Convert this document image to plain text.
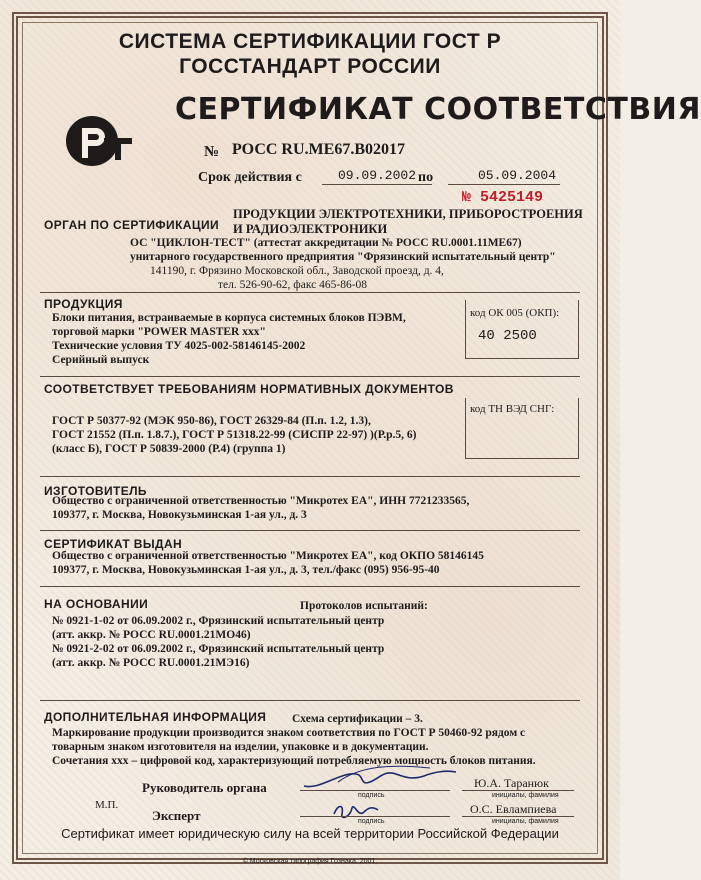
СИСТЕМА СЕРТИФИКАЦИИ ГОСТ Р
ГОССТАНДАРТ РОССИИ
СЕРТИФИКАТ СООТВЕТСТВИЯ
№ РОСС RU.ME67.B02017
Срок действия с	09.09.2002 по	05.09.2004
№ 5425149
ОРГАН ПО СЕРТИФИКАЦИИ
ПРОДУКЦИИ ЭЛЕКТРОТЕХНИКИ, ПРИБОРОСТРОЕНИЯ
И РАДИОЭЛЕКТРОНИКИ
ОС "ЦИКЛОН-ТЕСТ" (аттестат аккредитации № РОСС RU.0001.11МЕ67)
унитарного государственного предприятия "Фрязинский испытательный центр"
141190, г. Фрязино Московской обл., Заводской проезд, д. 4,
тел. 526-90-62, факс 465-86-08
ПРОДУКЦИЯ
Блоки питания, встраиваемые в корпуса системных блоков ПЭВМ,
торговой марки "POWER MASTER xxx"
Технические условия ТУ 4025-002-58146145-2002
Серийный выпуск
код ОК 005 (ОКП):
40 2500
СООТВЕТСТВУЕТ ТРЕБОВАНИЯМ НОРМАТИВНЫХ ДОКУМЕНТОВ
ГОСТ Р 50377-92 (МЭК 950-86), ГОСТ 26329-84 (П.п. 1.2, 1.3),
ГОСТ 21552 (П.п. 1.8.7.), ГОСТ Р 51318.22-99 (СИСПР 22-97) )(Р.р.5, 6)
(класс Б), ГОСТ Р 50839-2000 (Р.4) (группа 1)
код ТН ВЭД СНГ:
ИЗГОТОВИТЕЛЬ
Общество с ограниченной ответственностью "Микротех ЕА", ИНН 7721233565,
109377, г. Москва, Новокузьминская 1-ая ул., д. 3
СЕРТИФИКАТ ВЫДАН
Общество с ограниченной ответственностью "Микротех ЕА", код ОКПО 58146145
109377, г. Москва, Новокузьминская 1-ая ул., д. 3, тел./факс (095) 956-95-40
НА ОСНОВАНИИ	Протоколов испытаний:
№ 0921-1-02 от 06.09.2002 г., Фрязинский испытательный центр
(атт. аккр. № РОСС RU.0001.21МО46)
№ 0921-2-02 от 06.09.2002 г., Фрязинский испытательный центр
(атт. аккр. № РОСС RU.0001.21МЭ16)
ДОПОЛНИТЕЛЬНАЯ ИНФОРМАЦИЯ Схема сертификации – 3.
Маркирование продукции производится знаком соответствия по ГОСТ Р 50460-92 рядом с
товарным знаком изготовителя на изделии, упаковке и в документации.
Сочетания xxx – цифровой код, характеризующий потребляемую мощность блоков питания.
Руководитель органа
подпись
Ю.А. Таранюк
инициалы, фамилия
М.П.
Эксперт	подпись
О.С. Евлампиева
инициалы, фамилия
Сертификат имеет юридическую силу на всей территории Российской Федерации
© Московская типография Гознака. 2001.
